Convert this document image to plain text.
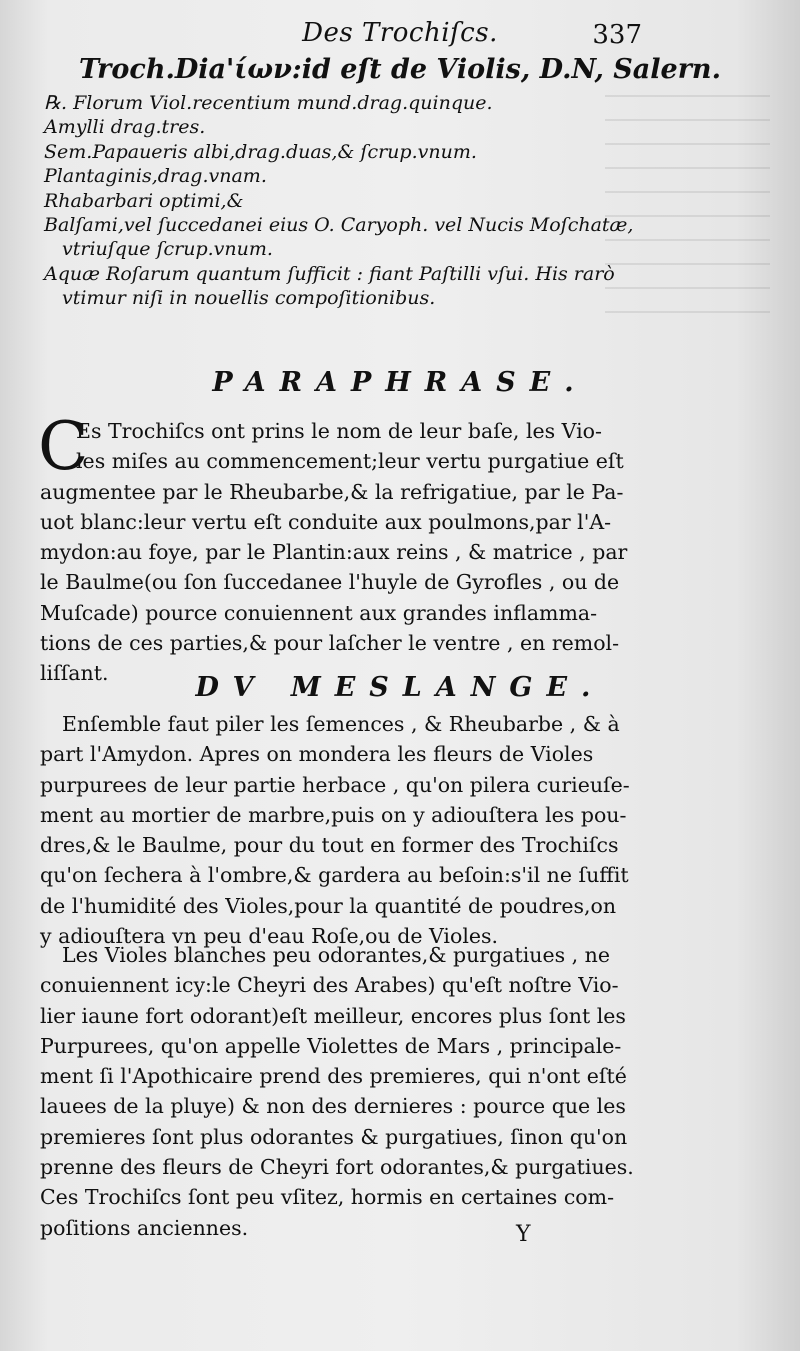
Des Trochiſcs.	337
Troch.Dia'ίων:id eſt de Violis, D.N, Salern.
℞. Florum Viol.recentium mund.drag.quinque.
Amylli drag.tres.
Sem.Papaueris albi,drag.duas,& ſcrup.vnum.
Plantaginis,drag.vnam.
Rhabarbari optimi,&
Balſami,vel ſuccedanei eius O. Caryoph. vel Nucis Moſchatæ,
vtriuſque ſcrup.vnum.
Aquæ Roſarum quantum ſufficit : fiant Paſtilli vſui. His rarò
vtimur niſi in nouellis compoſitionibus.
PARAPHRASE.
C
Es Trochiſcs ont prins le nom de leur baſe, les Vio-
les miſes au commencement;leur vertu purgatiue eſt
augmentee par le Rheubarbe,& la refrigatiue, par le Pa-
uot blanc:leur vertu eſt conduite aux poulmons,par l'A-
mydon:au foye, par le Plantin:aux reins , & matrice , par
le Baulme(ou ſon ſuccedanee l'huyle de Gyrofles , ou de
Muſcade) pource conuiennent aux grandes inflamma-
tions de ces parties,& pour laſcher le ventre , en remol-
liſſant.	DV MESLANGE.
Enſemble faut piler les ſemences , & Rheubarbe , & à
part l'Amydon. Apres on mondera les fleurs de Violes
purpurees de leur partie herbace , qu'on pilera curieuſe-
ment au mortier de marbre,puis on y adiouſtera les pou-
dres,& le Baulme, pour du tout en former des Trochiſcs
qu'on ſechera à l'ombre,& gardera au beſoin:s'il ne ſuffit
de l'humidité des Violes,pour la quantité de poudres,on
y adiouſtera vn peu d'eau Roſe,ou de Violes.
Les Violes blanches peu odorantes,& purgatiues , ne
conuiennent icy:le Cheyri des Arabes) qu'eſt noſtre Vio-
lier iaune fort odorant)eſt meilleur, encores plus ſont les
Purpurees, qu'on appelle Violettes de Mars , principale-
ment ſi l'Apothicaire prend des premieres, qui n'ont eſté
lauees de la pluye) & non des dernieres : pource que les
premieres ſont plus odorantes & purgatiues, ſinon qu'on
prenne des fleurs de Cheyri fort odorantes,& purgatiues.
Ces Trochiſcs ſont peu vſitez, hormis en certaines com-
poſitions anciennes.	Y
